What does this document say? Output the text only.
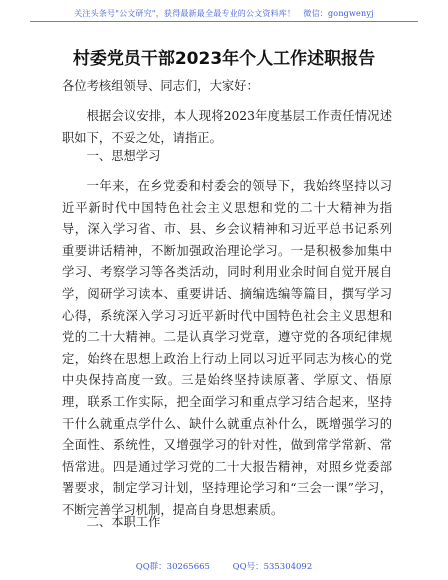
关注头条号"公文研究"，获得最新最全最专业的公文资料库！　微信：gongwenyj
村委党员干部2023年个人工作述职报告
各位考核组领导、同志们，大家好：
根据会议安排，本人现将2023年度基层工作责任情况述职如下，不妥之处，请指正。
一、思想学习
一年来，在乡党委和村委会的领导下，我始终坚持以习近平新时代中国特色社会主义思想和党的二十大精神为指导，深入学习省、市、县、乡会议精神和习近平总书记系列重要讲话精神，不断加强政治理论学习。一是积极参加集中学习、考察学习等各类活动，同时利用业余时间自觉开展自学，阅研学习读本、重要讲话、摘编选编等篇目，撰写学习心得，系统深入学习习近平新时代中国特色社会主义思想和党的二十大精神。二是认真学习党章，遵守党的各项纪律规定，始终在思想上政治上行动上同以习近平同志为核心的党中央保持高度一致。三是始终坚持读原著、学原文、悟原理，联系工作实际，把全面学习和重点学习结合起来，坚持干什么就重点学什么、缺什么就重点补什么，既增强学习的全面性、系统性，又增强学习的针对性，做到常学常新、常悟常进。四是通过学习党的二十大报告精神，对照乡党委部署要求，制定学习计划，坚持理论学习和“三会一课”学习，不断完善学习机制，提高自身思想素质。
二、本职工作
QQ群：30265665	QQ号：535304092
